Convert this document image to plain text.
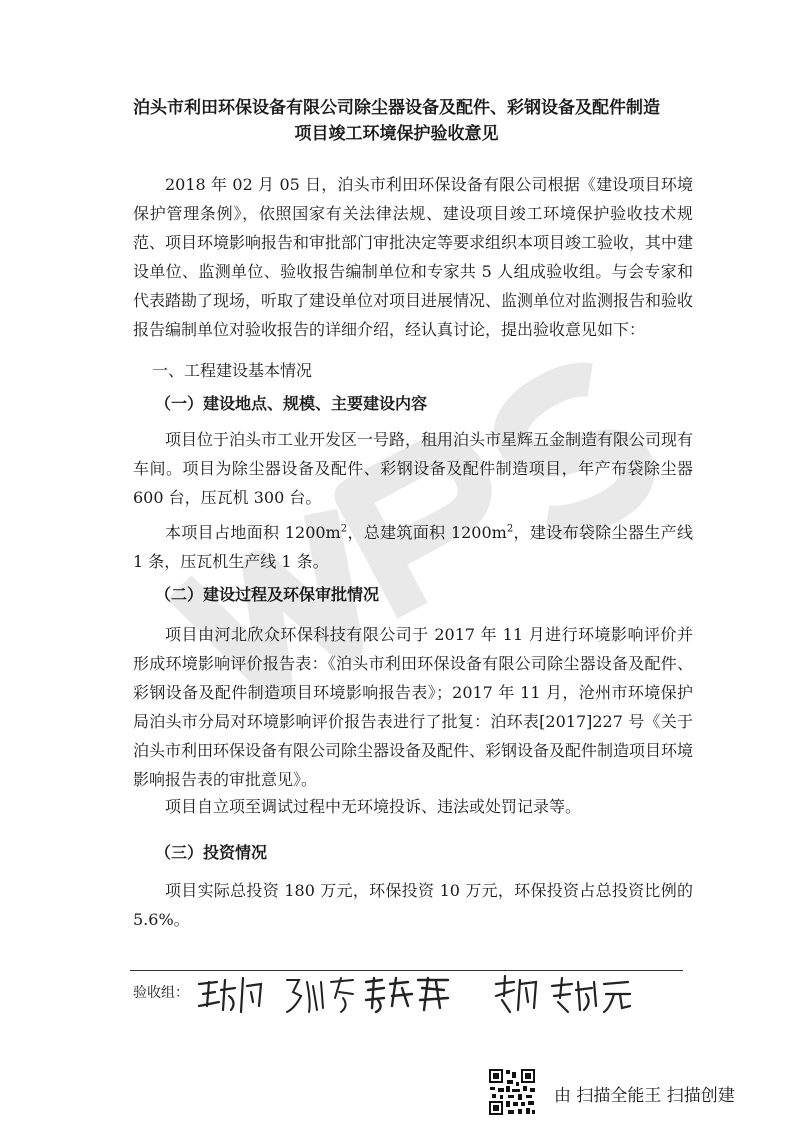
泊头市利田环保设备有限公司除尘器设备及配件、彩钢设备及配件制造
项目竣工环境保护验收意见
2018 年 02 月 05 日，泊头市利田环保设备有限公司根据《建设项目环境保护管理条例》，依照国家有关法律法规、建设项目竣工环境保护验收技术规范、项目环境影响报告和审批部门审批决定等要求组织本项目竣工验收，其中建设单位、监测单位、验收报告编制单位和专家共 5 人组成验收组。与会专家和代表踏勘了现场，听取了建设单位对项目进展情况、监测单位对监测报告和验收报告编制单位对验收报告的详细介绍，经认真讨论，提出验收意见如下：
一、工程建设基本情况
（一）建设地点、规模、主要建设内容
项目位于泊头市工业开发区一号路，租用泊头市星辉五金制造有限公司现有车间。项目为除尘器设备及配件、彩钢设备及配件制造项目，年产布袋除尘器 600 台，压瓦机 300 台。
本项目占地面积 $1200m^2$，总建筑面积 $1200m^2$，建设布袋除尘器生产线 1 条，压瓦机生产线 1 条。
（二）建设过程及环保审批情况
项目由河北欣众环保科技有限公司于 2017 年 11 月进行环境影响评价并形成环境影响评价报告表：《泊头市利田环保设备有限公司除尘器设备及配件、彩钢设备及配件制造项目环境影响报告表》；2017 年 11 月，沧州市环境保护局泊头市分局对环境影响评价报告表进行了批复：泊环表[2017]227 号《关于泊头市利田环保设备有限公司除尘器设备及配件、彩钢设备及配件制造项目环境影响报告表的审批意见》。
项目自立项至调试过程中无环境投诉、违法或处罚记录等。
（三）投资情况
项目实际总投资 180 万元，环保投资 10 万元，环保投资占总投资比例的 5.6%。
验收组：
由 扫描全能王 扫描创建
